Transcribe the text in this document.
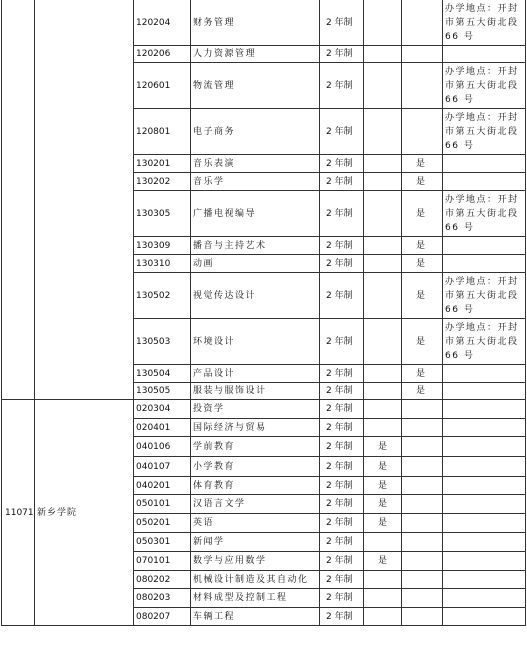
		120204	财务管理	2 年制			办学地点：开封市第五大街北段 66 号
		120206	人力资源管理	2 年制			
		120601	物流管理	2 年制			办学地点：开封市第五大街北段 66 号
		120801	电子商务	2 年制			办学地点：开封市第五大街北段 66 号
		130201	音乐表演	2 年制		是	
		130202	音乐学	2 年制		是	
		130305	广播电视编导	2 年制		是	办学地点：开封市第五大街北段 66 号
		130309	播音与主持艺术	2 年制		是	
		130310	动画	2 年制		是	
		130502	视觉传达设计	2 年制		是	办学地点：开封市第五大街北段 66 号
		130503	环境设计	2 年制		是	办学地点：开封市第五大街北段 66 号
		130504	产品设计	2 年制		是	
		130505	服装与服饰设计	2 年制		是	
11071	新乡学院	020304	投资学	2 年制			
		020401	国际经济与贸易	2 年制			
		040106	学前教育	2 年制	是		
		040107	小学教育	2 年制	是		
		040201	体育教育	2 年制	是		
		050101	汉语言文学	2 年制	是		
		050201	英语	2 年制	是		
		050301	新闻学	2 年制			
		070101	数学与应用数学	2 年制	是		
		080202	机械设计制造及其自动化	2 年制			
		080203	材料成型及控制工程	2 年制			
		080207	车辆工程	2 年制			
